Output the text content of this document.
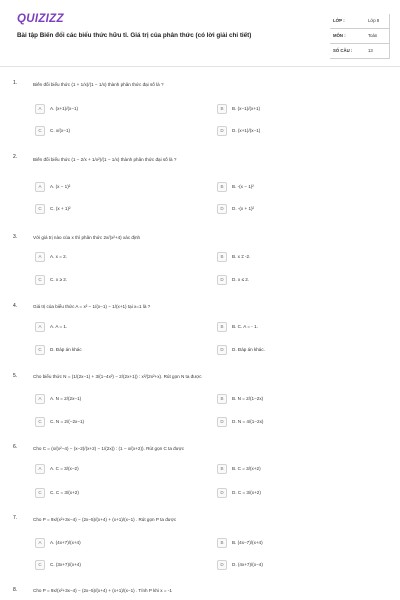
QUIZIZZ
Bài tập Biến đổi các biểu thức hữu tỉ. Giá trị của phân thức (có lời giải chi tiết)
LỚP :	Lớp 8
MÔN :	Toán
SỐ CÂU :	13
1.	Biến đổi biểu thức (1 + 1/x)/(1 − 1/x) thành phân thức đại số là ?
A	A. (x+1)/(x−1)	B	B. (x−1)/(x+1)
C	C. x/(x−1)	D	D. (x+1)/(x−1)
2.	Biến đổi biểu thức (1 − 2/x + 1/x²)/(1 − 1/x) thành phân thức đại số là ?
A	A. (x − 1)²	B	B. -(x − 1)²
C	C. (x + 1)²	D	D. -(x + 1)²
3.	Với giá trị nào của x thì phân thức 2x/(x²+4) xác định
A	A. x = 2.	B	B. x ≠ -2.
C	C. x ≥ 2.	D	D. x ≤ 2.
4.	Giá trị của biểu thức A = x² − 1/(x−1) − 1/(x+1) tại x=1 là ?
A	A. A = 1.	B	B. C. A = - 1.
C	D. Đáp án khác	D	D. Đáp án khác.
5.	Cho biểu thức N = (1/(2x−1) + 3/(1−4x²) − 2/(2x+1)) : x²/(2x²+x). Rút gọn N ta được
A	A. N = 2/(2x−1)	B	B. N = 2/(1−2x)
C	C. N = 2/(−2x−1)	D	D. N = 4/(1−2x)
6.	Cho C = (x/(x²−4) − (x−2)/(x+2) − 1/(2x)) : (1 − x/(x+2)). Rút gọn C ta được
A	A. C = 3/(x−2)	B	B. C = 3/(x+2)
C	C. C = 3/(x+2)	D	D. C = 3/(x+2)
7.	Cho P = 9x/(x²+3x−4) − (2x−5)/(x+4) + (x+1)/(x−1) . Rút gọn P ta được
A	A. (4x+7)/(x+4)	B	B. (4x−7)/(x+4)
C	C. (3x+7)/(x+4)	D	D. (4x+7)/(x−4)
8.	Cho P = 9x/(x²+3x−4) − (2x−5)/(x+4) + (x+1)/(x−1) . Tính P khi x = -1
